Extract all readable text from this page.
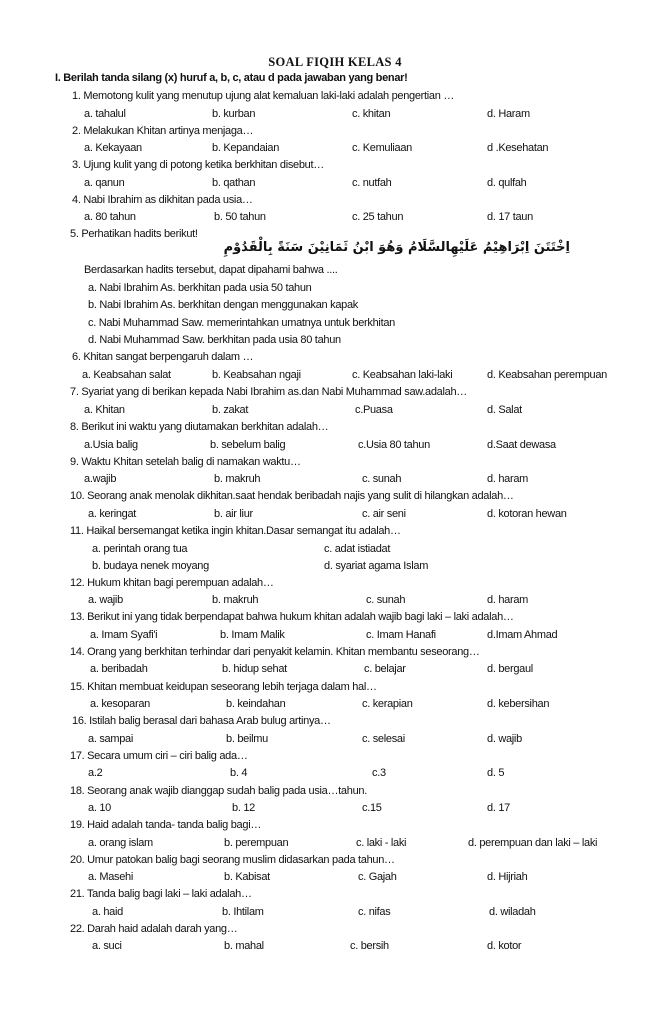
SOAL FIQIH KELAS 4
I. Berilah tanda silang (x) huruf a, b, c, atau d pada jawaban yang benar!
1. Memotong kulit yang menutup ujung alat kemaluan laki-laki adalah pengertian …
a. tahalul	b. kurban	c. khitan	d. Haram
2. Melakukan Khitan artinya menjaga…
a. Kekayaan	b. Kepandaian	c. Kemuliaan	d .Kesehatan
3. Ujung kulit yang di potong ketika berkhitan disebut…
a. qanun	b. qathan	c. nutfah	d. qulfah
4. Nabi Ibrahim as dikhitan pada usia…
a. 80 tahun	b. 50 tahun	c. 25 tahun	d. 17 taun
5. Perhatikan hadits berikut!
اِخْتَتَنَ اِبْرَاهِيْمُ عَلَيْهِالسَّلَامُ وَهُوَ ابْنُ ثَمَانِيْنَ سَنَةً بِالْقَدُوْمِ
Berdasarkan hadits tersebut, dapat dipahami bahwa ....
a. Nabi Ibrahim As. berkhitan pada usia 50 tahun
b. Nabi Ibrahim As. berkhitan dengan menggunakan kapak
c. Nabi Muhammad Saw. memerintahkan umatnya untuk berkhitan
d. Nabi Muhammad Saw. berkhitan pada usia 80 tahun
6. Khitan sangat berpengaruh dalam …
a. Keabsahan salat	b. Keabsahan ngaji	c. Keabsahan laki-laki	d. Keabsahan perempuan
7. Syariat yang di berikan kepada Nabi Ibrahim as.dan Nabi Muhammad saw.adalah…
a. Khitan	b. zakat	c.Puasa	d. Salat
8. Berikut ini waktu yang diutamakan berkhitan adalah…
a.Usia balig	b. sebelum balig	c.Usia 80 tahun	d.Saat dewasa
9. Waktu Khitan setelah balig di namakan waktu…
a.wajib	b. makruh	c. sunah	d. haram
10. Seorang anak menolak dikhitan.saat hendak beribadah najis yang sulit di hilangkan adalah…
a. keringat	b. air liur	c. air seni	d. kotoran hewan
11. Haikal bersemangat ketika ingin khitan.Dasar semangat itu adalah…
a. perintah orang tua	c. adat istiadat
b. budaya nenek moyang	d. syariat agama Islam
12. Hukum khitan bagi perempuan adalah…
a. wajib	b. makruh	c. sunah	d. haram
13. Berikut ini yang tidak berpendapat bahwa hukum khitan adalah wajib bagi laki – laki adalah…
a. Imam Syafi'i	b. Imam Malik	c. Imam Hanafi	d.Imam Ahmad
14. Orang yang berkhitan terhindar dari penyakit kelamin. Khitan membantu seseorang…
a. beribadah	b. hidup sehat	c. belajar	d. bergaul
15. Khitan membuat keidupan seseorang lebih terjaga dalam hal…
a. kesoparan	b. keindahan	c. kerapian	d. kebersihan
16. Istilah balig berasal dari bahasa Arab bulug artinya…
a. sampai	b. beilmu	c. selesai	d. wajib
17. Secara umum ciri – ciri balig ada…
a.2	b. 4	c.3	d. 5
18. Seorang anak wajib dianggap sudah balig pada usia…tahun.
a. 10	b. 12	c.15	d. 17
19. Haid adalah tanda- tanda balig bagi…
a. orang islam	b. perempuan	c. laki - laki	d. perempuan dan laki – laki
20. Umur patokan balig bagi seorang muslim didasarkan pada tahun…
a. Masehi	b. Kabisat	c. Gajah	d. Hijriah
21. Tanda balig bagi laki – laki adalah…
a. haid	b. Ihtilam	c. nifas	d. wiladah
22. Darah haid adalah darah yang…
a. suci	b. mahal	c. bersih	d. kotor
